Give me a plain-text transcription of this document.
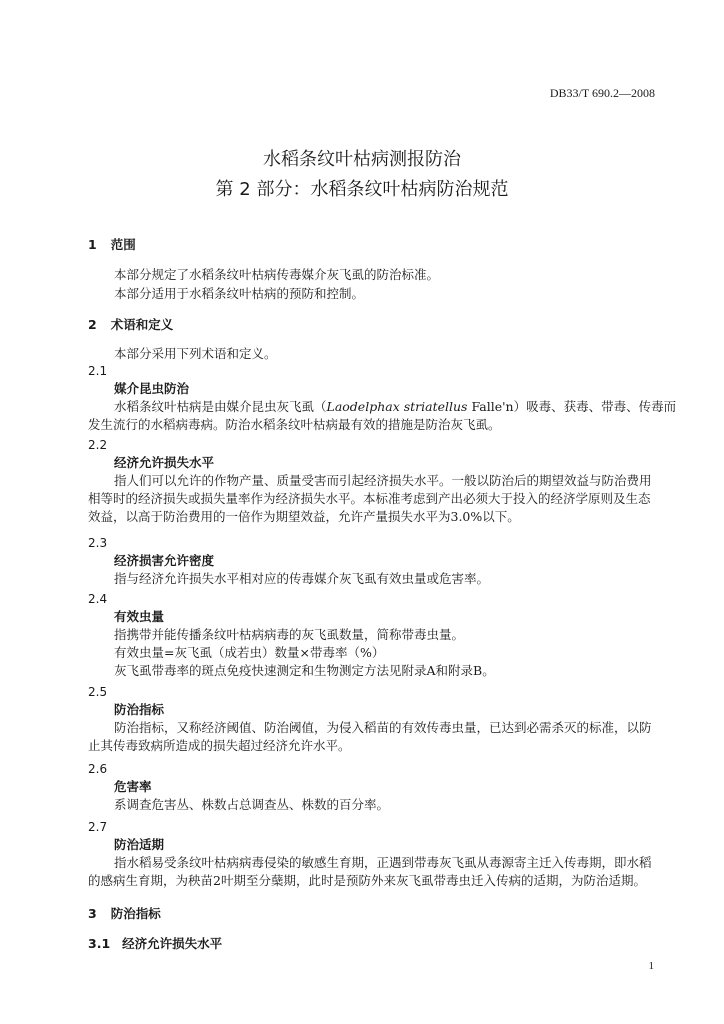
DB33/T 690.2—2008
水稻条纹叶枯病测报防治
第 2 部分：水稻条纹叶枯病防治规范
1 范围
本部分规定了水稻条纹叶枯病传毒媒介灰飞虱的防治标准。
本部分适用于水稻条纹叶枯病的预防和控制。
2 术语和定义
本部分采用下列术语和定义。
2.1
媒介昆虫防治
水稻条纹叶枯病是由媒介昆虫灰飞虱（Laodelphax striatellus Falle'n）吸毒、获毒、带毒、传毒而
发生流行的水稻病毒病。防治水稻条纹叶枯病最有效的措施是防治灰飞虱。
2.2
经济允许损失水平
指人们可以允许的作物产量、质量受害而引起经济损失水平。一般以防治后的期望效益与防治费用相等时的经济损失或损失量率作为经济损失水平。本标准考虑到产出必须大于投入的经济学原则及生态效益，以高于防治费用的一倍作为期望效益，允许产量损失水平为3.0%以下。
2.3
经济损害允许密度
指与经济允许损失水平相对应的传毒媒介灰飞虱有效虫量或危害率。
2.4
有效虫量
指携带并能传播条纹叶枯病病毒的灰飞虱数量，简称带毒虫量。
有效虫量=灰飞虱（成若虫）数量×带毒率（%）
灰飞虱带毒率的斑点免疫快速测定和生物测定方法见附录A和附录B。
2.5
防治指标
防治指标，又称经济阈值、防治阈值，为侵入稻苗的有效传毒虫量，已达到必需杀灭的标准，以防止其传毒致病所造成的损失超过经济允许水平。
2.6
危害率
系调查危害丛、株数占总调查丛、株数的百分率。
2.7
防治适期
指水稻易受条纹叶枯病病毒侵染的敏感生育期，正遇到带毒灰飞虱从毒源寄主迁入传毒期，即水稻的感病生育期，为秧苗2叶期至分蘖期，此时是预防外来灰飞虱带毒虫迁入传病的适期，为防治适期。
3 防治指标
3.1 经济允许损失水平
1
